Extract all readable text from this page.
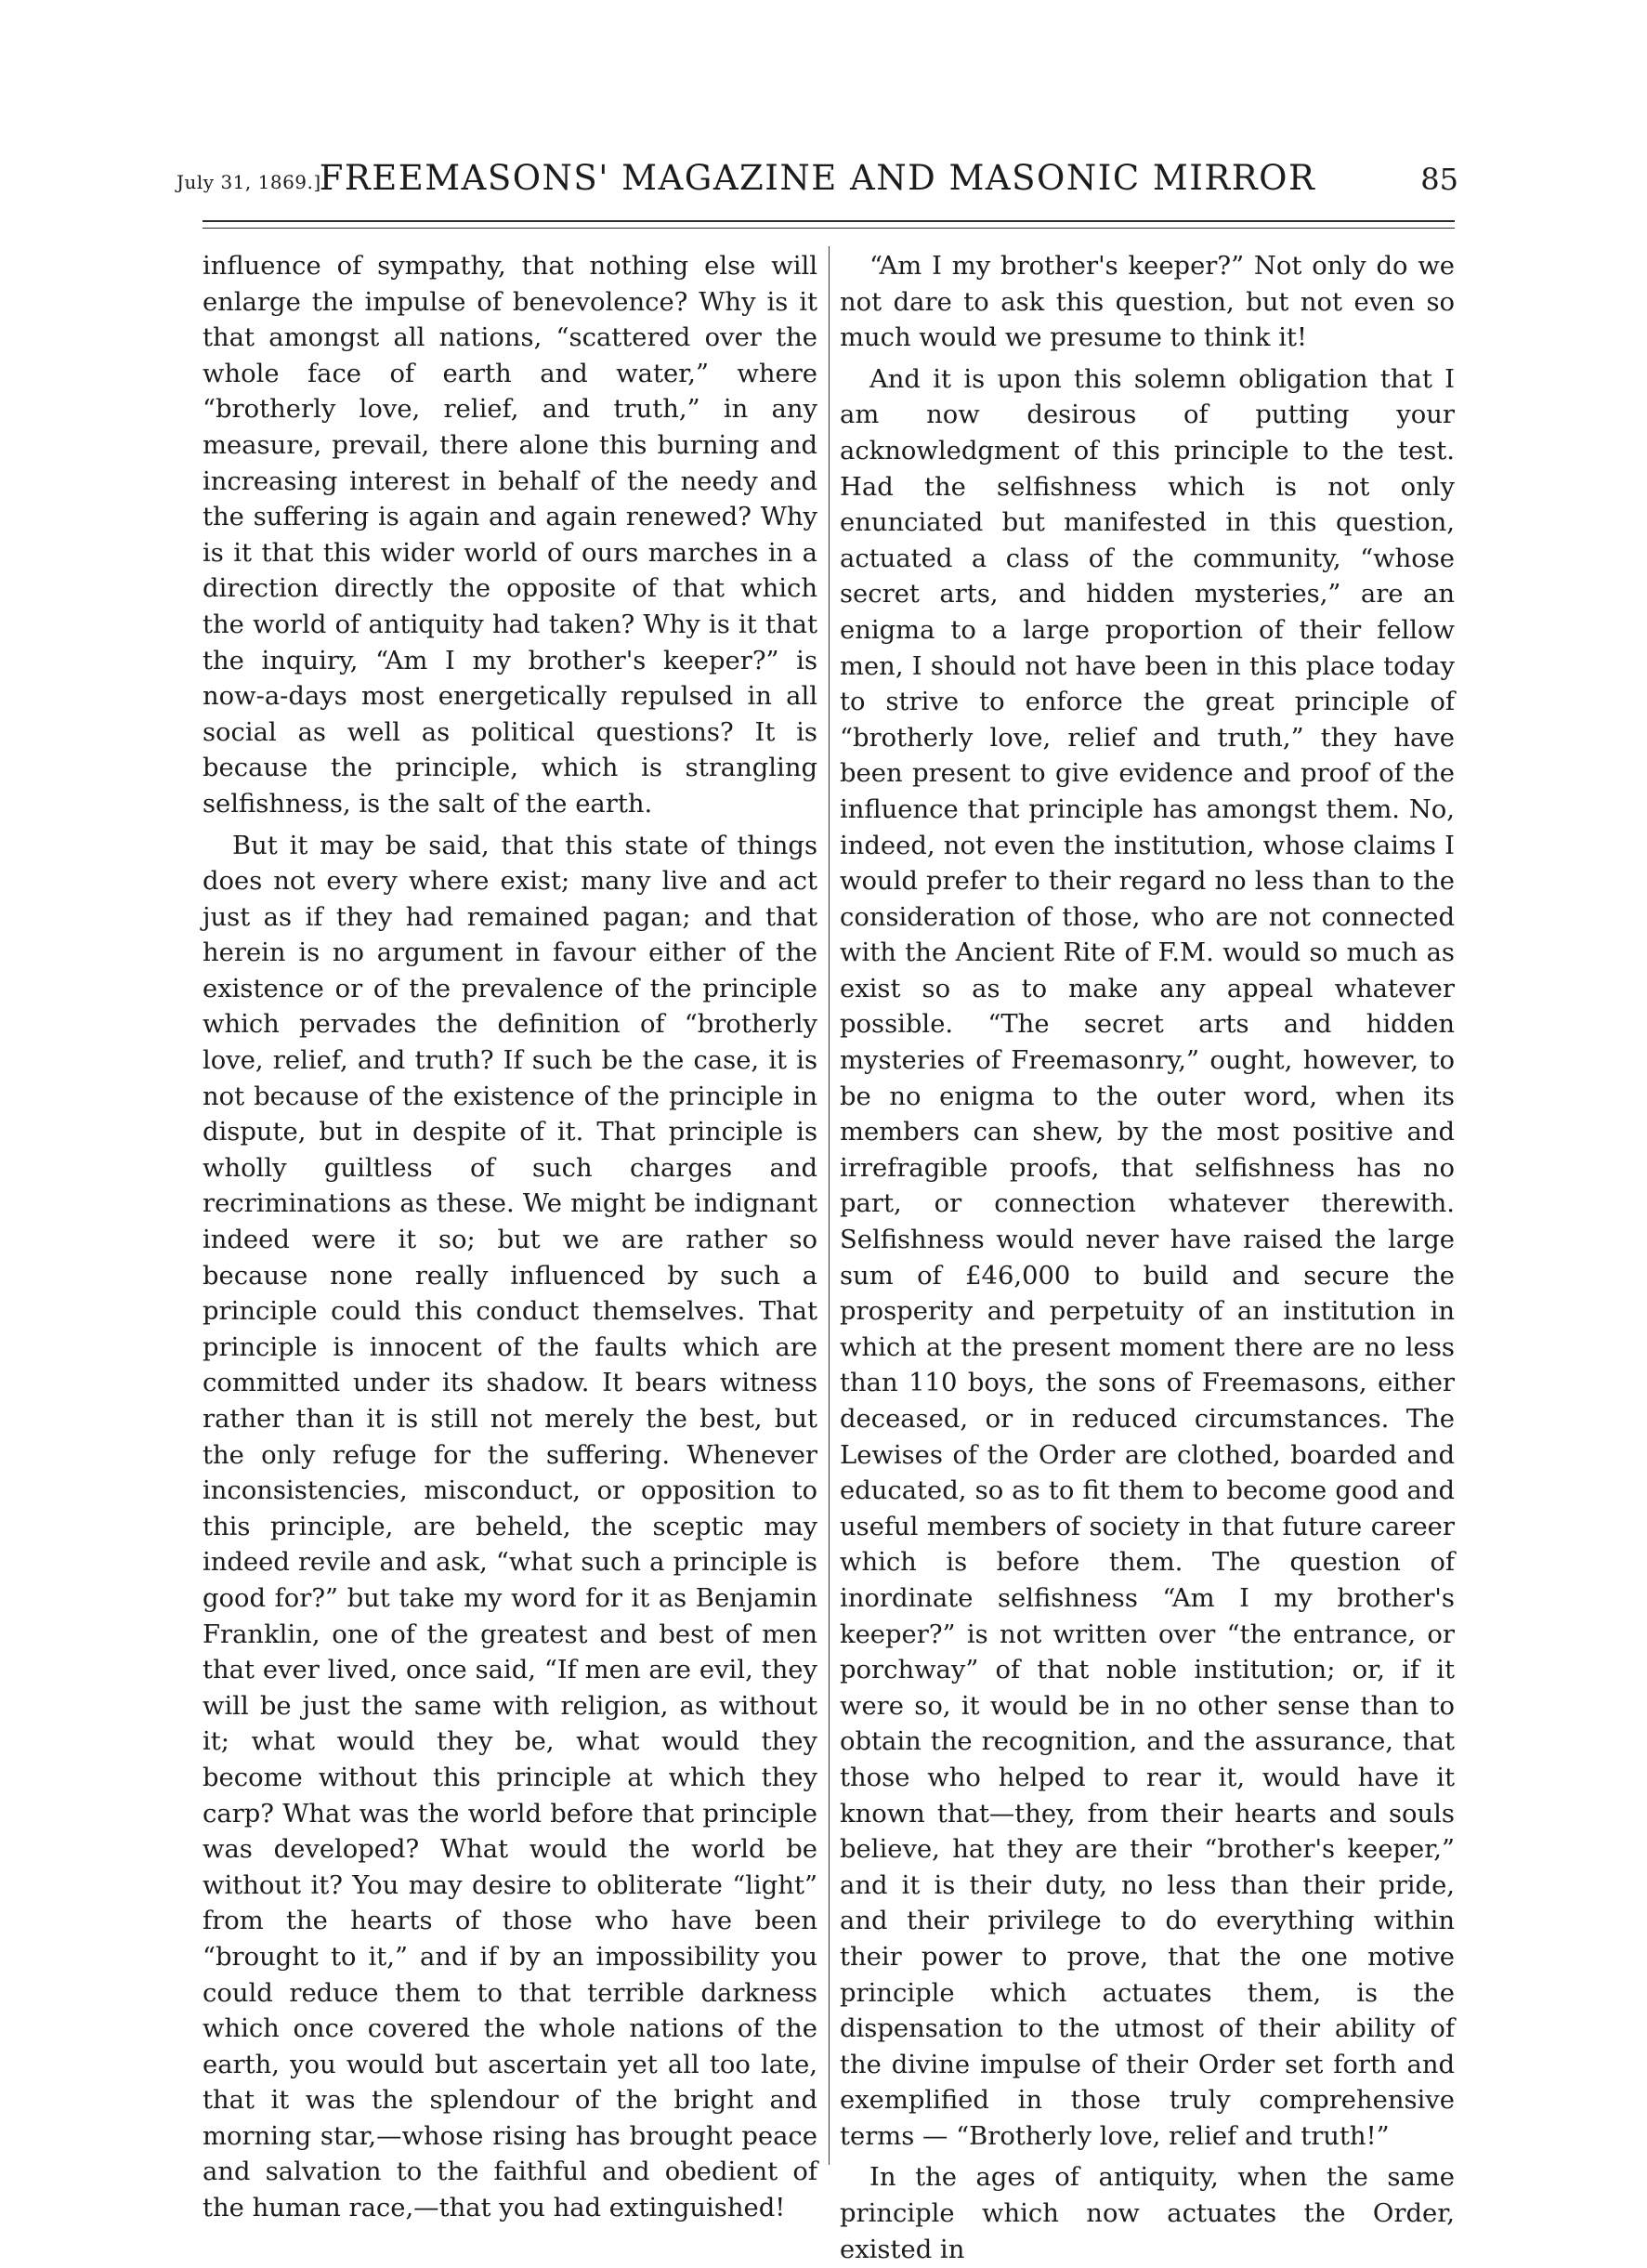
July 31, 1869.]
FREEMASONS' MAGAZINE AND MASONIC MIRROR	85

influence of sympathy, that nothing else will enlarge the impulse of benevolence? Why is it that amongst all nations, “scattered over the whole face of earth and water,” where “brotherly love, relief, and truth,” in any measure, prevail, there alone this burning and increasing interest in behalf of the needy and the suffering is again and again renewed? Why is it that this wider world of ours marches in a direction directly the opposite of that which the world of antiquity had taken? Why is it that the inquiry, “Am I my brother's keeper?” is now-a-days most energetically repulsed in all social as well as political questions? It is because the principle, which is strangling selfishness, is the salt of the earth.

But it may be said, that this state of things does not every where exist; many live and act just as if they had remained pagan; and that herein is no argument in favour either of the existence or of the prevalence of the principle which pervades the definition of “brotherly love, relief, and truth? If such be the case, it is not because of the existence of the principle in dispute, but in despite of it. That principle is wholly guiltless of such charges and recriminations as these. We might be indignant indeed were it so; but we are rather so because none really influenced by such a principle could this conduct themselves. That principle is innocent of the faults which are committed under its shadow. It bears witness rather than it is still not merely the best, but the only refuge for the suffering. Whenever inconsistencies, misconduct, or opposition to this principle, are beheld, the sceptic may indeed revile and ask, “what such a principle is good for?” but take my word for it as Benjamin Franklin, one of the greatest and best of men that ever lived, once said, “If men are evil, they will be just the same with religion, as without it; what would they be, what would they become without this principle at which they carp? What was the world before that principle was developed? What would the world be without it? You may desire to obliterate “light” from the hearts of those who have been “brought to it,” and if by an impossibility you could reduce them to that terrible darkness which once covered the whole nations of the earth, you would but ascertain yet all too late, that it was the splendour of the bright and morning star,—whose rising has brought peace and salvation to the faithful and obedient of the human race,—that you had extinguished!

“Am I my brother's keeper?” Not only do we not dare to ask this question, but not even so much would we presume to think it!

And it is upon this solemn obligation that I am now desirous of putting your acknowledgment of this principle to the test. Had the selfishness which is not only enunciated but manifested in this question, actuated a class of the community, “whose secret arts, and hidden mysteries,” are an enigma to a large proportion of their fellow men, I should not have been in this place today to strive to enforce the great principle of “brotherly love, relief and truth,” they have been present to give evidence and proof of the influence that principle has amongst them. No, indeed, not even the institution, whose claims I would prefer to their regard no less than to the consideration of those, who are not connected with the Ancient Rite of F.M. would so much as exist so as to make any appeal whatever possible. “The secret arts and hidden mysteries of Freemasonry,” ought, however, to be no enigma to the outer word, when its members can shew, by the most positive and irrefragible proofs, that selfishness has no part, or connection whatever therewith. Selfishness would never have raised the large sum of £46,000 to build and secure the prosperity and perpetuity of an institution in which at the present moment there are no less than 110 boys, the sons of Freemasons, either deceased, or in reduced circumstances. The Lewises of the Order are clothed, boarded and educated, so as to fit them to become good and useful members of society in that future career which is before them. The question of inordinate selfishness “Am I my brother's keeper?” is not written over “the entrance, or porchway” of that noble institution; or, if it were so, it would be in no other sense than to obtain the recognition, and the assurance, that those who helped to rear it, would have it known that—they, from their hearts and souls believe, hat they are their “brother's keeper,” and it is their duty, no less than their pride, and their privilege to do everything within their power to prove, that the one motive principle which actuates them, is the dispensation to the utmost of their ability of the divine impulse of their Order set forth and exemplified in those truly comprehensive terms — “Brotherly love, relief and truth!”

In the ages of antiquity, when the same principle which now actuates the Order, existed in
